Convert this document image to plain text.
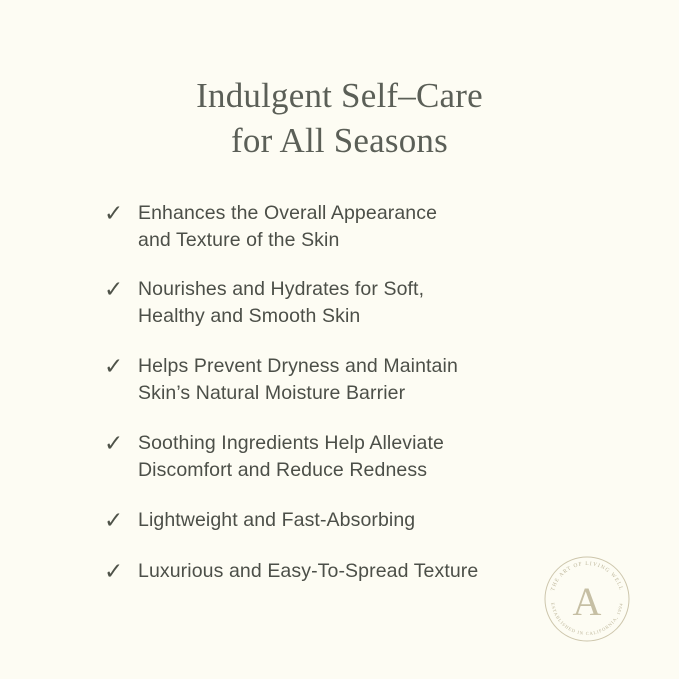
Indulgent Self–Care
for All Seasons
✓ Enhances the Overall Appearance
and Texture of the Skin
✓ Nourishes and Hydrates for Soft,
Healthy and Smooth Skin
✓ Helps Prevent Dryness and Maintain
Skin’s Natural Moisture Barrier
✓ Soothing Ingredients Help Alleviate
Discomfort and Reduce Redness
✓ Lightweight and Fast-Absorbing
✓ Luxurious and Easy-To-Spread Texture
THE ART OF LIVING WELL
ESTABLISHED IN CALIFORNIA, 1994
A
